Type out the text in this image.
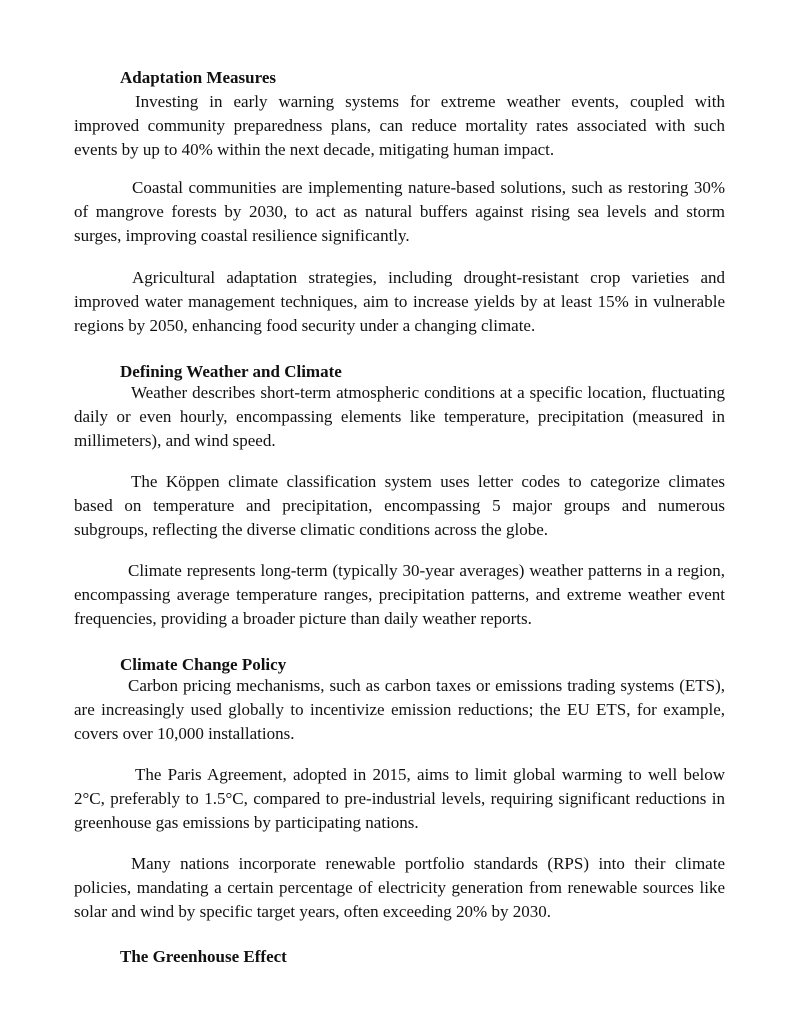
Adaptation Measures

Investing in early warning systems for extreme weather events, coupled with improved community preparedness plans, can reduce mortality rates associated with such events by up to 40% within the next decade, mitigating human impact.

Coastal communities are implementing nature-based solutions, such as restoring 30% of mangrove forests by 2030, to act as natural buffers against rising sea levels and storm surges, improving coastal resilience significantly.

Agricultural adaptation strategies, including drought-resistant crop varieties and improved water management techniques, aim to increase yields by at least 15% in vulnerable regions by 2050, enhancing food security under a changing climate.

Defining Weather and Climate

Weather describes short-term atmospheric conditions at a specific location, fluctuating daily or even hourly, encompassing elements like temperature, precipitation (measured in millimeters), and wind speed.

The Köppen climate classification system uses letter codes to categorize climates based on temperature and precipitation, encompassing 5 major groups and numerous subgroups, reflecting the diverse climatic conditions across the globe.

Climate represents long-term (typically 30-year averages) weather patterns in a region, encompassing average temperature ranges, precipitation patterns, and extreme weather event frequencies, providing a broader picture than daily weather reports.

Climate Change Policy

Carbon pricing mechanisms, such as carbon taxes or emissions trading systems (ETS), are increasingly used globally to incentivize emission reductions; the EU ETS, for example, covers over 10,000 installations.

The Paris Agreement, adopted in 2015, aims to limit global warming to well below 2°C, preferably to 1.5°C, compared to pre-industrial levels, requiring significant reductions in greenhouse gas emissions by participating nations.

Many nations incorporate renewable portfolio standards (RPS) into their climate policies, mandating a certain percentage of electricity generation from renewable sources like solar and wind by specific target years, often exceeding 20% by 2030.

The Greenhouse Effect
